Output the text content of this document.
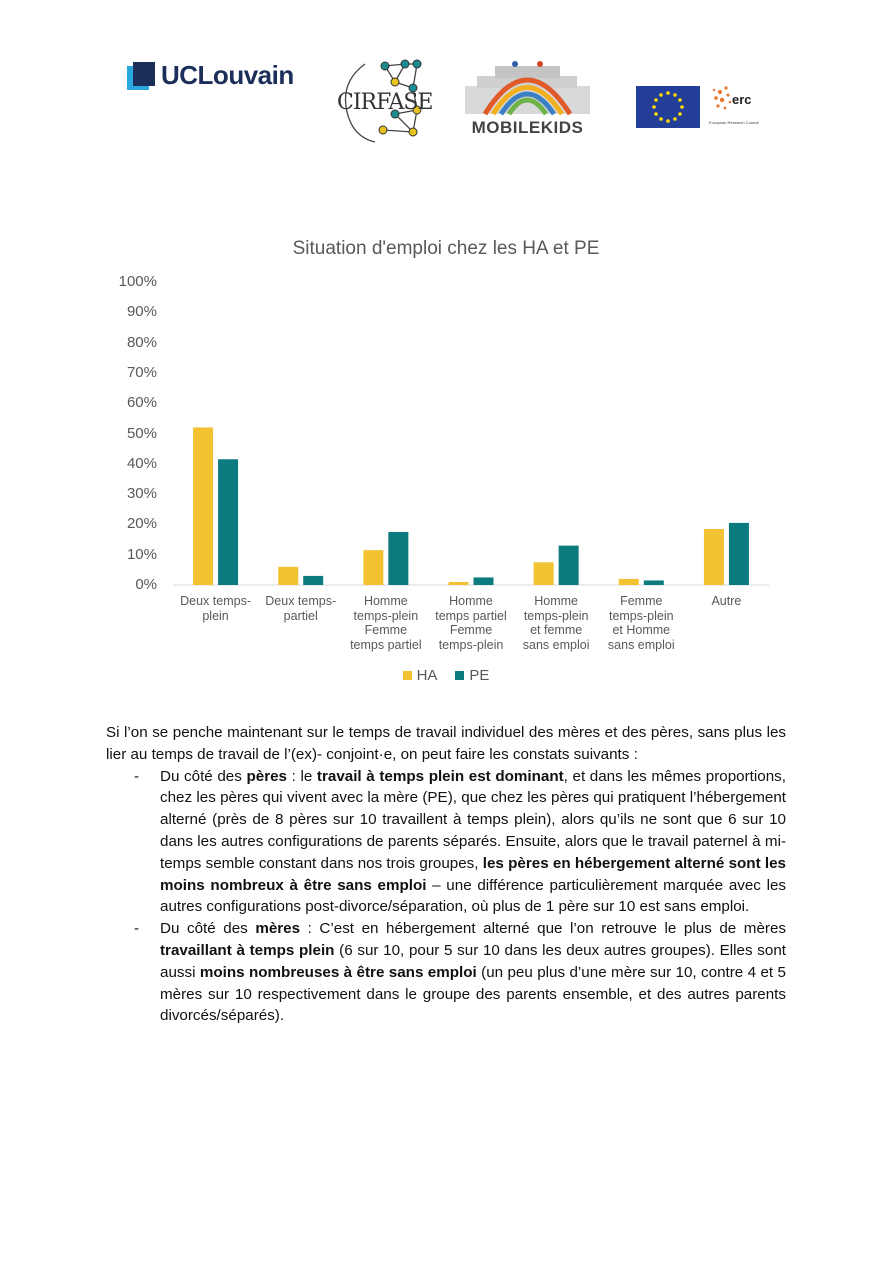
UCLouvain
CIRFASE
MOBILEKIDS
erc
European Research Council
Situation d'emploi chez les HA et PE
0%
10%
20%
30%
40%
50%
60%
70%
80%
90%
100%
Deux temps-
plein
Deux temps-
partiel
Homme
temps-plein
Femme
temps partiel
Homme
temps partiel
Femme
temps-plein
Homme
temps-plein
et femme
sans emploi
Femme
temps-plein
et Homme
sans emploi
Autre
HA PE
Si l’on se penche maintenant sur le temps de travail individuel des mères et des pères, sans plus les lier au temps de travail de l’(ex)- conjoint·e, on peut faire les constats suivants :
- Du côté des pères : le travail à temps plein est dominant, et dans les mêmes proportions, chez les pères qui vivent avec la mère (PE), que chez les pères qui pratiquent l’hébergement alterné (près de 8 pères sur 10 travaillent à temps plein), alors qu’ils ne sont que 6 sur 10 dans les autres configurations de parents séparés. Ensuite, alors que le travail paternel à mi-temps semble constant dans nos trois groupes, les pères en hébergement alterné sont les moins nombreux à être sans emploi – une différence particulièrement marquée avec les autres configurations post-divorce/séparation, où plus de 1 père sur 10 est sans emploi.
- Du côté des mères : C’est en hébergement alterné que l’on retrouve le plus de mères travaillant à temps plein (6 sur 10, pour 5 sur 10 dans les deux autres groupes). Elles sont aussi moins nombreuses à être sans emploi (un peu plus d’une mère sur 10, contre 4 et 5 mères sur 10 respectivement dans le groupe des parents ensemble, et des autres parents divorcés/séparés).
